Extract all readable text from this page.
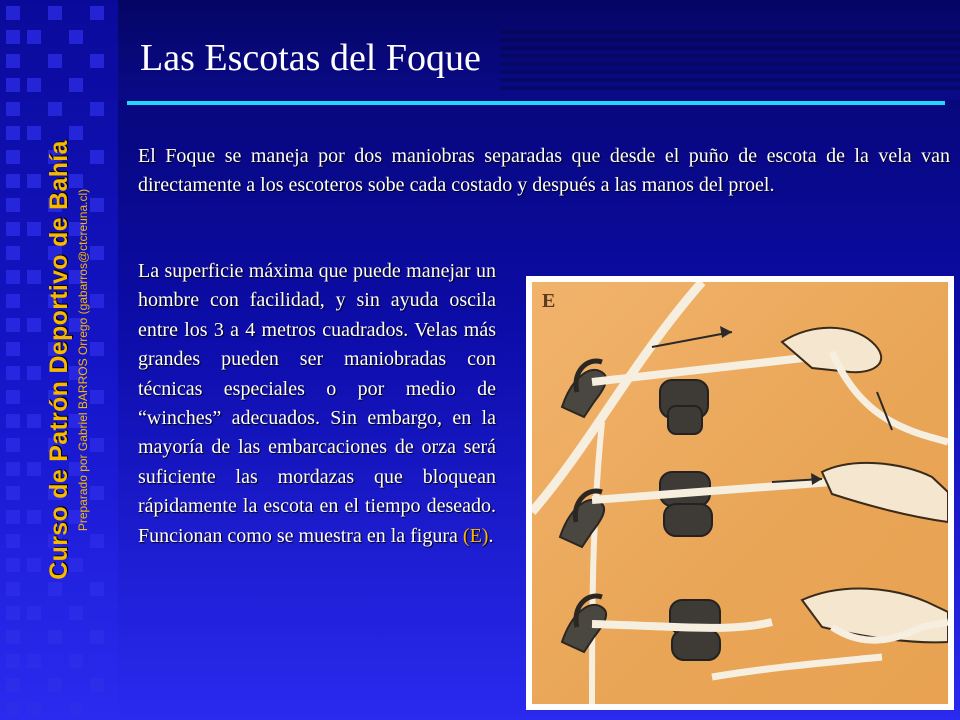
Curso de Patrón Deportivo de Bahía Preparado por Gabriel BARROS Orrego (gabarros@ctcreuna.cl)
Las Escotas del Foque
El Foque se maneja por dos maniobras separadas que desde el puño de escota de la vela van directamente a los escoteros sobe cada costado y después a las manos del proel.
La superficie máxima que puede manejar un hombre con facilidad, y sin ayuda oscila entre los 3 a 4 metros cuadrados. Velas más grandes pueden ser maniobradas con técnicas especiales o por medio de “winches” adecuados. Sin embargo, en la mayoría de las embarcaciones de orza será suficiente las mordazas que bloquean rápidamente la escota en el tiempo deseado. Funcionan como se muestra en la figura (E).
E
